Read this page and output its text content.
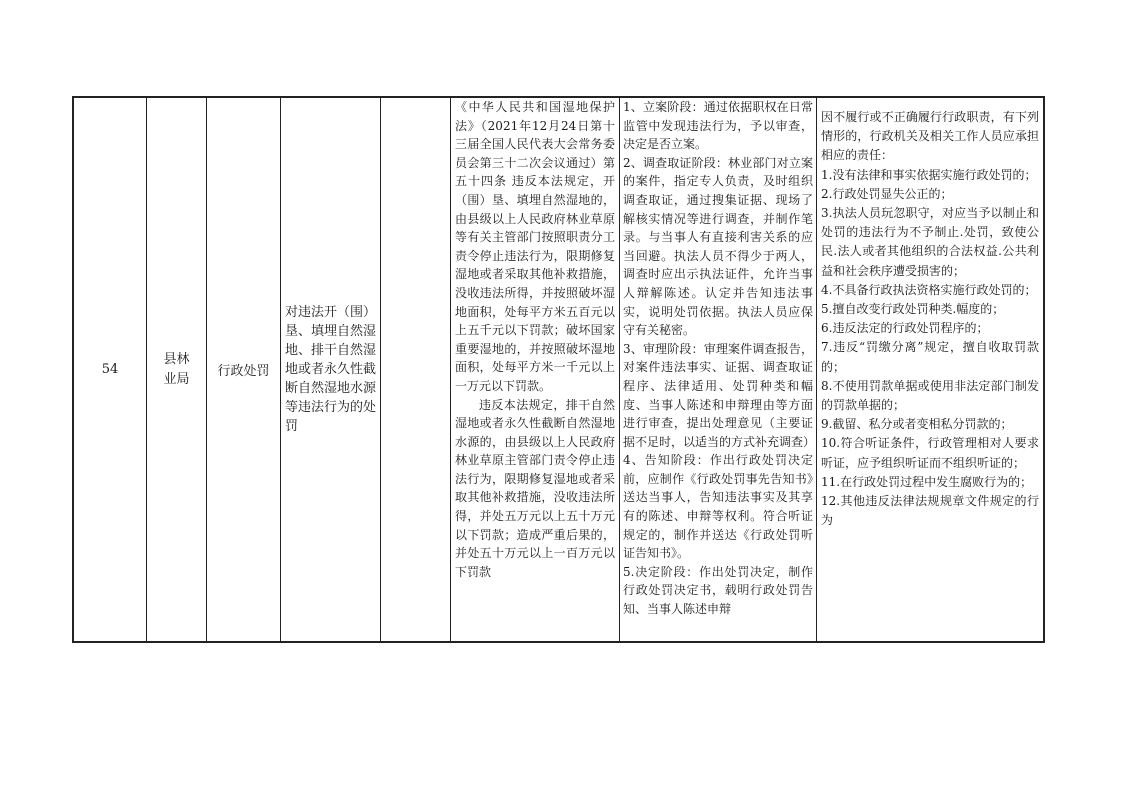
54
县林业局	行政处罚
对违法开（围）垦、填埋自然湿地、排干自然湿地或者永久性截断自然湿地水源等违法行为的处罚

《中华人民共和国湿地保护法》（2021年12月24日第十三届全国人民代表大会常务委员会第三十二次会议通过）第五十四条 违反本法规定，开（围）垦、填埋自然湿地的，由县级以上人民政府林业草原等有关主管部门按照职责分工责令停止违法行为，限期修复湿地或者采取其他补救措施，没收违法所得，并按照破坏湿地面积，处每平方米五百元以上五千元以下罚款；破坏国家重要湿地的，并按照破坏湿地面积，处每平方米一千元以上一万元以下罚款。

违反本法规定，排干自然湿地或者永久性截断自然湿地水源的，由县级以上人民政府林业草原主管部门责令停止违法行为，限期修复湿地或者采取其他补救措施，没收违法所得，并处五万元以上五十万元以下罚款；造成严重后果的，并处五十万元以上一百万元以下罚款

1、立案阶段：通过依据职权在日常监管中发现违法行为，予以审查，决定是否立案。

2、调查取证阶段：林业部门对立案的案件，指定专人负责，及时组织调查取证，通过搜集证据、现场了解核实情况等进行调查，并制作笔录。与当事人有直接利害关系的应当回避。执法人员不得少于两人，调查时应出示执法证件，允许当事人辩解陈述。认定并告知违法事实，说明处罚依据。执法人员应保守有关秘密。

3、审理阶段：审理案件调查报告，对案件违法事实、证据、调查取证程序、法律适用、处罚种类和幅度、当事人陈述和申辩理由等方面进行审查，提出处理意见（主要证据不足时，以适当的方式补充调查）

4、告知阶段：作出行政处罚决定前，应制作《行政处罚事先告知书》送达当事人，告知违法事实及其享有的陈述、申辩等权利。符合听证规定的，制作并送达《行政处罚听证告知书》。

5.决定阶段：作出处罚决定，制作行政处罚决定书，载明行政处罚告知、当事人陈述申辩

因不履行或不正确履行行政职责，有下列情形的，行政机关及相关工作人员应承担相应的责任：

1.没有法律和事实依据实施行政处罚的；

2.行政处罚显失公正的；

3.执法人员玩忽职守，对应当予以制止和处罚的违法行为不予制止.处罚，致使公民.法人或者其他组织的合法权益.公共利益和社会秩序遭受损害的；

4.不具备行政执法资格实施行政处罚的；

5.擅自改变行政处罚种类.幅度的；

6.违反法定的行政处罚程序的；

7.违反“罚缴分离”规定，擅自收取罚款的；

8.不使用罚款单据或使用非法定部门制发的罚款单据的；

9.截留、私分或者变相私分罚款的；

10.符合听证条件，行政管理相对人要求听证，应予组织听证而不组织听证的；

11.在行政处罚过程中发生腐败行为的；

12.其他违反法律法规规章文件规定的行为
